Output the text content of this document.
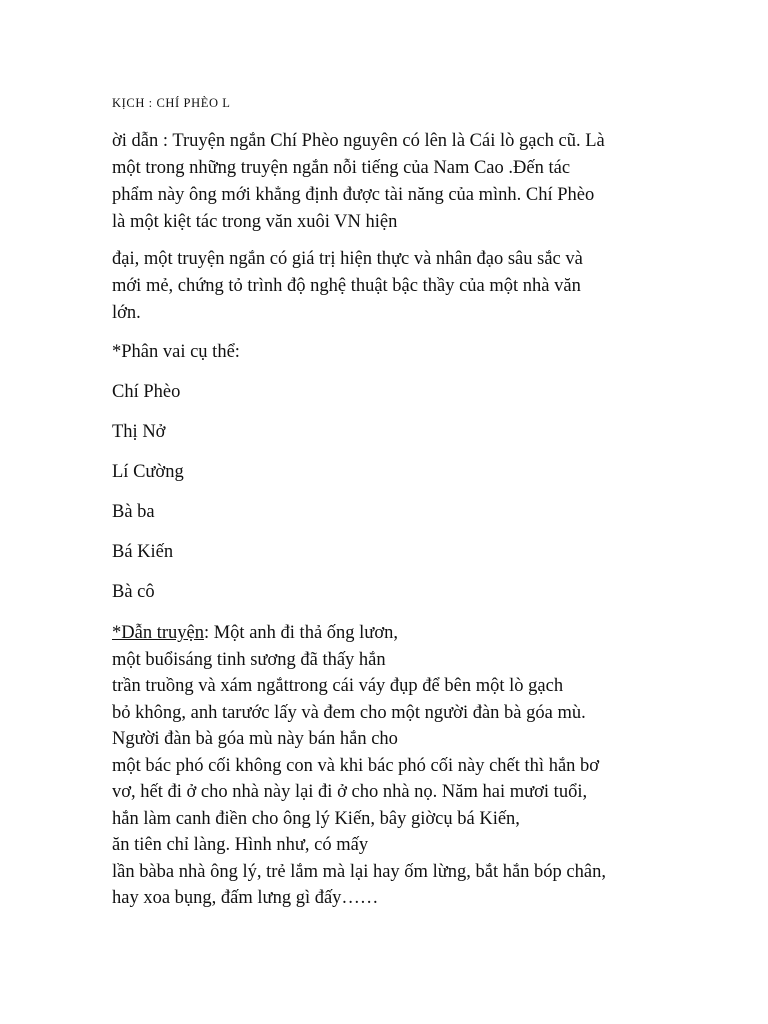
KỊCH : CHÍ PHÈO L
ời dẫn : Truyện ngắn Chí Phèo nguyên có lên là Cái lò gạch cũ. Là
một trong những truyện ngắn nỗi tiếng của Nam Cao .Đến tác
phẩm này ông mới khẳng định được tài năng của mình. Chí Phèo
là một kiệt tác trong văn xuôi VN hiện
đại, một truyện ngắn có giá trị hiện thực và nhân đạo sâu sắc và
mới mẻ, chứng tỏ trình độ nghệ thuật bậc thầy của một nhà văn
lớn.
*Phân vai cụ thể:
Chí Phèo
Thị Nở
Lí Cường
Bà ba
Bá Kiến
Bà cô
*Dẫn truyện: Một anh đi thả ống lươn,
một buổisáng tinh sương đã thấy hắn
trần truồng và xám ngắttrong cái váy đụp để bên một lò gạch
bỏ không, anh tarước lấy và đem cho một người đàn bà góa mù.
Người đàn bà góa mù này bán hắn cho
một bác phó cối không con và khi bác phó cối này chết thì hắn bơ
vơ, hết đi ở cho nhà này lại đi ở cho nhà nọ. Năm hai mươi tuổi,
hắn làm canh điền cho ông lý Kiến, bây giờcụ bá Kiến,
ăn tiên chỉ làng. Hình như, có mấy
lần bàba nhà ông lý, trẻ lắm mà lại hay ốm lừng, bắt hắn bóp chân,
hay xoa bụng, đấm lưng gì đấy……
